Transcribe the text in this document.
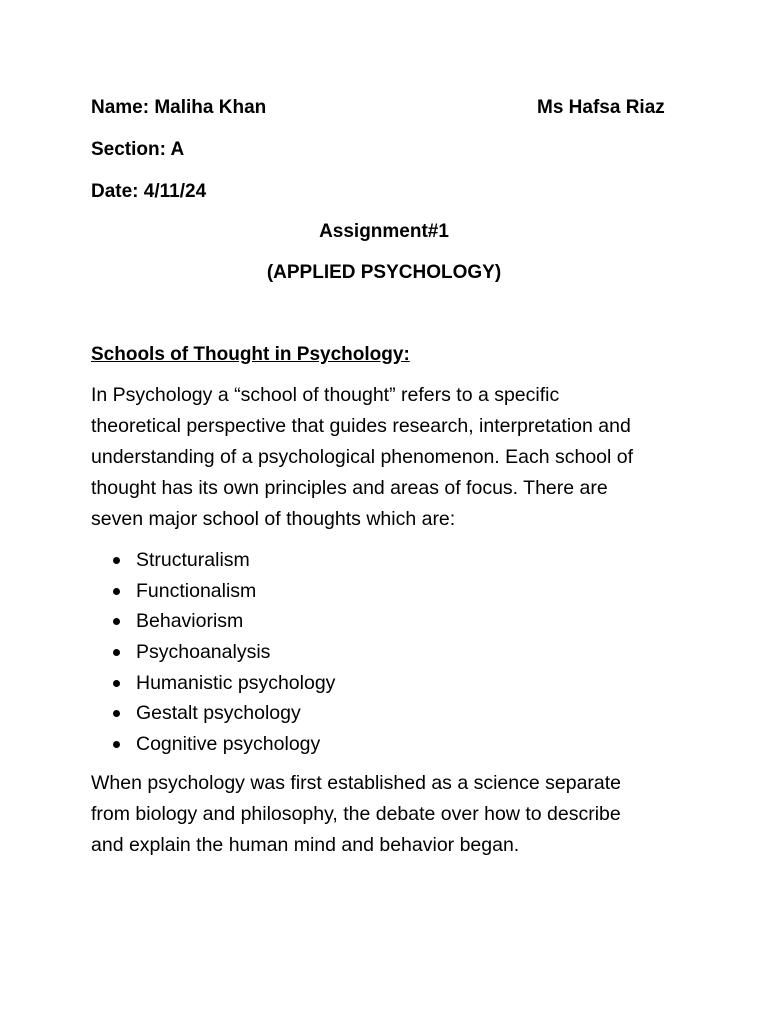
Name: Maliha Khan	Ms Hafsa Riaz
Section: A
Date: 4/11/24
Assignment#1
(APPLIED PSYCHOLOGY)
Schools of Thought in Psychology:
In Psychology a “school of thought” refers to a specific
theoretical perspective that guides research, interpretation and
understanding of a psychological phenomenon. Each school of
thought has its own principles and areas of focus. There are
seven major school of thoughts which are:
Structuralism
Functionalism
Behaviorism
Psychoanalysis
Humanistic psychology
Gestalt psychology
Cognitive psychology
When psychology was first established as a science separate
from biology and philosophy, the debate over how to describe
and explain the human mind and behavior began.
